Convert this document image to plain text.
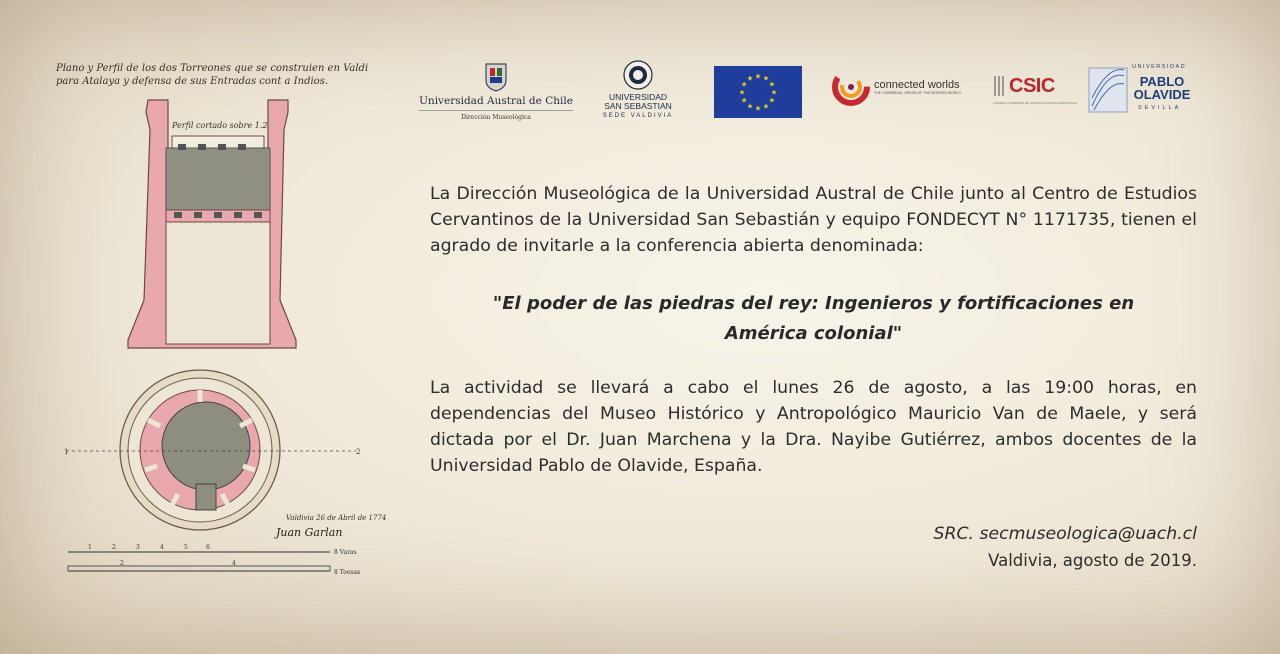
Plano y Perfil de los dos Torreones que se construien en Valdi para Atalaya y defensa de sus Entradas cont a Indios.

Perfil cortado sobre 1.2
1	2
Valdivia 26 de Abril de 1774
Juan Garlan
1	2	3	4	5	6
2	4
8 Varas
8 Toesas
Universidad Austral de Chile
Dirección Museológica
UNIVERSIDAD
SAN SEBASTIAN
SEDE VALDIVIA
★ ★
★
★
★
★
★
★
★
★
★
★
connected worlds
THE CARIBBEAN, ORIGIN OF THE MODERN WORLD CSIC
CONSEJO SUPERIOR DE INVESTIGACIONES CIENTÍFICAS
UNIVERSIDAD
PABLO
OLAVIDE
SEVILLA

La Dirección Museológica de la Universidad Austral de Chile junto al Centro de Estudios Cervantinos de la Universidad San Sebastián y equipo FONDECYT N° 1171735, tienen el agrado de invitarle a la conferencia abierta denominada:

"El poder de las piedras del rey: Ingenieros y fortificaciones en América colonial"

La actividad se llevará a cabo el lunes 26 de agosto, a las 19:00 horas, en dependencias del Museo Histórico y Antropológico Mauricio Van de Maele, y será dictada por el Dr. Juan Marchena y la Dra. Nayibe Gutiérrez, ambos docentes de la Universidad Pablo de Olavide, España.

SRC. secmuseologica@uach.cl
Valdivia, agosto de 2019.
